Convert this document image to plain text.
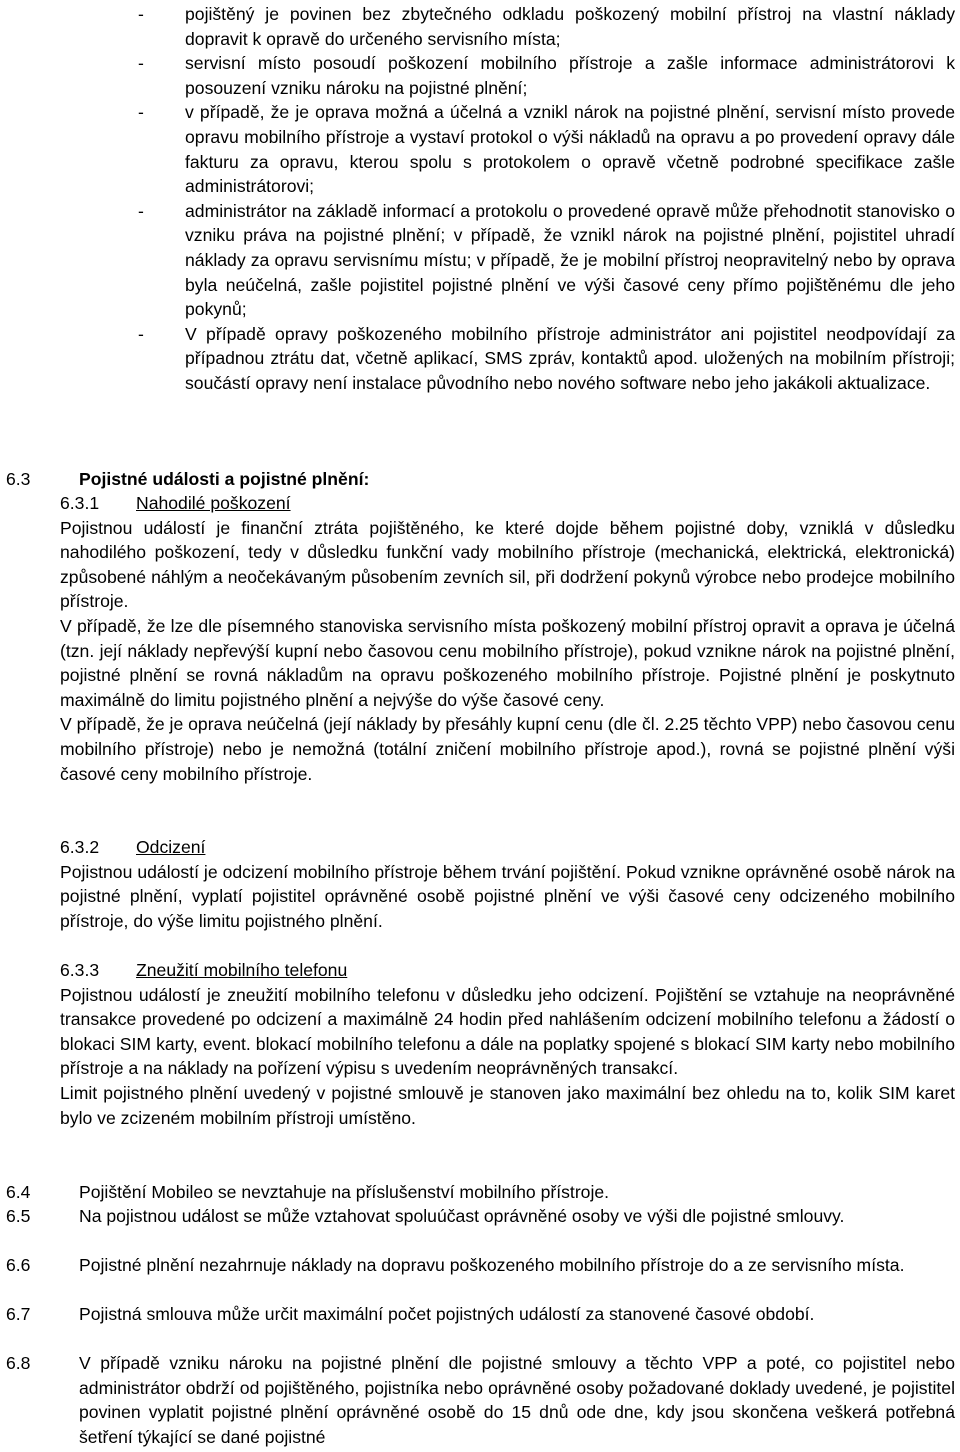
- pojištěný je povinen bez zbytečného odkladu poškozený mobilní přístroj na vlastní náklady dopravit k opravě do určeného servisního místa;

- servisní místo posoudí poškození mobilního přístroje a zašle informace administrátorovi k posouzení vzniku nároku na pojistné plnění;

- v případě, že je oprava možná a účelná a vznikl nárok na pojistné plnění, servisní místo provede opravu mobilního přístroje a vystaví protokol o výši nákladů na opravu a po provedení opravy dále fakturu za opravu, kterou spolu s protokolem o opravě včetně podrobné specifikace zašle administrátorovi;

- administrátor na základě informací a protokolu o provedené opravě může přehodnotit stanovisko o vzniku práva na pojistné plnění; v případě, že vznikl nárok na pojistné plnění, pojistitel uhradí náklady za opravu servisnímu místu; v případě, že je mobilní přístroj neopravitelný nebo by oprava byla neúčelná, zašle pojistitel pojistné plnění ve výši časové ceny přímo pojištěnému dle jeho pokynů;

- V případě opravy poškozeného mobilního přístroje administrátor ani pojistitel neodpovídají za případnou ztrátu dat, včetně aplikací, SMS zpráv, kontaktů apod. uložených na mobilním přístroji; součástí opravy není instalace původního nebo nového software nebo jeho jakákoli aktualizace.

6.3	Pojistné události a pojistné plnění:

6.3.1 Nahodilé poškození

Pojistnou událostí je finanční ztráta pojištěného, ke které dojde během pojistné doby, vzniklá v důsledku nahodilého poškození, tedy v důsledku funkční vady mobilního přístroje (mechanická, elektrická, elektronická) způsobené náhlým a neočekávaným působením zevních sil, při dodržení pokynů výrobce nebo prodejce mobilního přístroje.

V případě, že lze dle písemného stanoviska servisního místa poškozený mobilní přístroj opravit a oprava je účelná (tzn. její náklady nepřevýší kupní nebo časovou cenu mobilního přístroje), pokud vznikne nárok na pojistné plnění, pojistné plnění se rovná nákladům na opravu poškozeného mobilního přístroje. Pojistné plnění je poskytnuto maximálně do limitu pojistného plnění a nejvýše do výše časové ceny.

V případě, že je oprava neúčelná (její náklady by přesáhly kupní cenu (dle čl. 2.25 těchto VPP) nebo časovou cenu mobilního přístroje) nebo je nemožná (totální zničení mobilního přístroje apod.), rovná se pojistné plnění výši časové ceny mobilního přístroje.

6.3.2 Odcizení

Pojistnou událostí je odcizení mobilního přístroje během trvání pojištění. Pokud vznikne oprávněné osobě nárok na pojistné plnění, vyplatí pojistitel oprávněné osobě pojistné plnění ve výši časové ceny odcizeného mobilního přístroje, do výše limitu pojistného plnění.

6.3.3 Zneužití mobilního telefonu

Pojistnou událostí je zneužití mobilního telefonu v důsledku jeho odcizení. Pojištění se vztahuje na neoprávněné transakce provedené po odcizení a maximálně 24 hodin před nahlášením odcizení mobilního telefonu a žádostí o blokaci SIM karty, event. blokací mobilního telefonu a dále na poplatky spojené s blokací SIM karty nebo mobilního přístroje a na náklady na pořízení výpisu s uvedením neoprávněných transakcí.

Limit pojistného plnění uvedený v pojistné smlouvě je stanoven jako maximální bez ohledu na to, kolik SIM karet bylo ve zcizeném mobilním přístroji umístěno.

6.4	Pojištění Mobileo se nevztahuje na příslušenství mobilního přístroje.

6.5	Na pojistnou událost se může vztahovat spoluúčast oprávněné osoby ve výši dle pojistné smlouvy.

6.6	Pojistné plnění nezahrnuje náklady na dopravu poškozeného mobilního přístroje do a ze servisního místa.

6.7	Pojistná smlouva může určit maximální počet pojistných událostí za stanovené časové období.

6.8	V případě vzniku nároku na pojistné plnění dle pojistné smlouvy a těchto VPP a poté, co pojistitel nebo administrátor obdrží od pojištěného, pojistníka nebo oprávněné osoby požadované doklady uvedené, je pojistitel povinen vyplatit pojistné plnění oprávněné osobě do 15 dnů ode dne, kdy jsou skončena veškerá potřebná šetření týkající se dané pojistné
